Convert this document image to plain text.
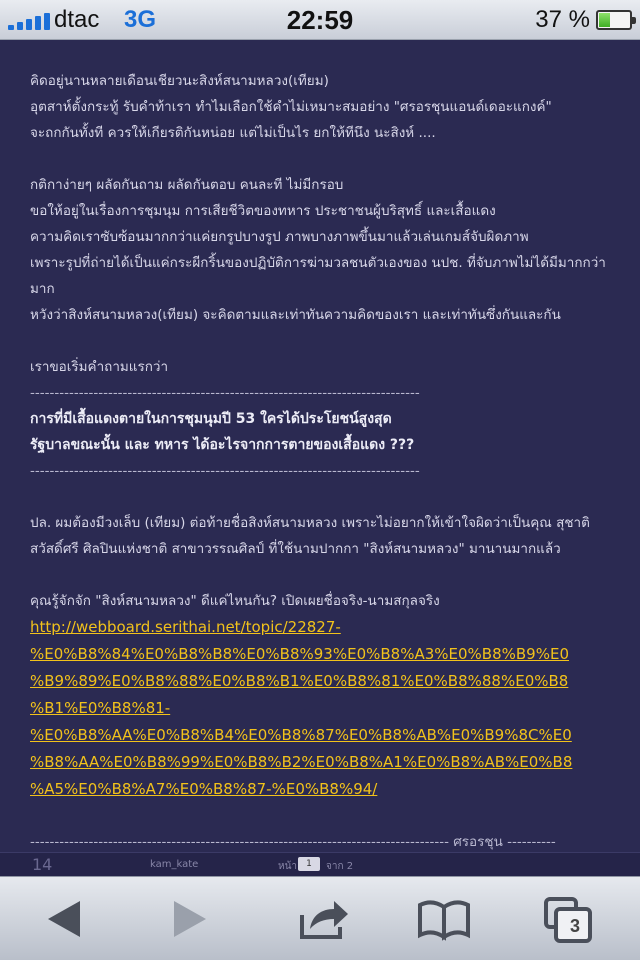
dtac 3G	22:59	37 %
คิดอยู่นานหลายเดือนเชียวนะสิงห์สนามหลวง(เทียม)
อุตสาห์ตั้งกระทู้ รับคำท้าเรา ทำไมเลือกใช้คำไม่เหมาะสมอย่าง "ศรอรชุนแอนด์เดอะแกงค์"
จะถกกันทั้งที ควรให้เกียรติกันหน่อย แต่ไม่เป็นไร ยกให้ทีนึง นะสิงห์ ....
กติกาง่ายๆ ผลัดกันถาม ผลัดกันตอบ คนละที ไม่มีกรอบ
ขอให้อยู่ในเรื่องการชุมนุม การเสียชีวิตของทหาร ประชาชนผู้บริสุทธิ์ และเสื้อแดง
ความคิดเราซับซ้อนมากกว่าแค่ยกรูปบางรูป ภาพบางภาพขึ้นมาแล้วเล่นเกมส์จับผิดภาพ
เพราะรูปที่ถ่ายได้เป็นแค่กระผีกริ้นของปฏิบัติการฆ่ามวลชนตัวเองของ นปช. ที่จับภาพไม่ได้มีมากกว่ามาก
หวังว่าสิงห์สนามหลวง(เทียม) จะคิดตามและเท่าทันความคิดของเรา และเท่าทันซึ่งกันและกัน
เราขอเริ่มคำถามแรกว่า
--------------------------------------------------------------------------------
การที่มีเสื้อแดงตายในการชุมนุมปี 53 ใครได้ประโยชน์สูงสุด
รัฐบาลขณะนั้น และ ทหาร ได้อะไรจากการตายของเสื้อแดง ???
--------------------------------------------------------------------------------
ปล. ผมต้องมีวงเล็บ (เทียม) ต่อท้ายชื่อสิงห์สนามหลวง เพราะไม่อยากให้เข้าใจผิดว่าเป็นคุณ สุชาติ
สวัสดิ์ศรี ศิลปินแห่งชาติ สาขาวรรณศิลป์ ที่ใช้นามปากกา "สิงห์สนามหลวง" มานานมากแล้ว
คุณรู้จักจัก "สิงห์สนามหลวง" ดีแค่ไหนกัน? เปิดเผยชื่อจริง-นามสกุลจริง
http://webboard.serithai.net/topic/22827-
%E0%B8%84%E0%B8%B8%E0%B8%93%E0%B8%A3%E0%B8%B9%E0
%B9%89%E0%B8%88%E0%B8%B1%E0%B8%81%E0%B8%88%E0%B8
%B1%E0%B8%81-
%E0%B8%AA%E0%B8%B4%E0%B8%87%E0%B8%AB%E0%B9%8C%E0
%B8%AA%E0%B8%99%E0%B8%B2%E0%B8%A1%E0%B8%AB%E0%B8
%A5%E0%B8%A7%E0%B8%87-%E0%B8%94/
-------------------------------------------------------------------------------------- ศรอรชุน ----------
14	kam_kate	หน้า	1	จาก 2
3
